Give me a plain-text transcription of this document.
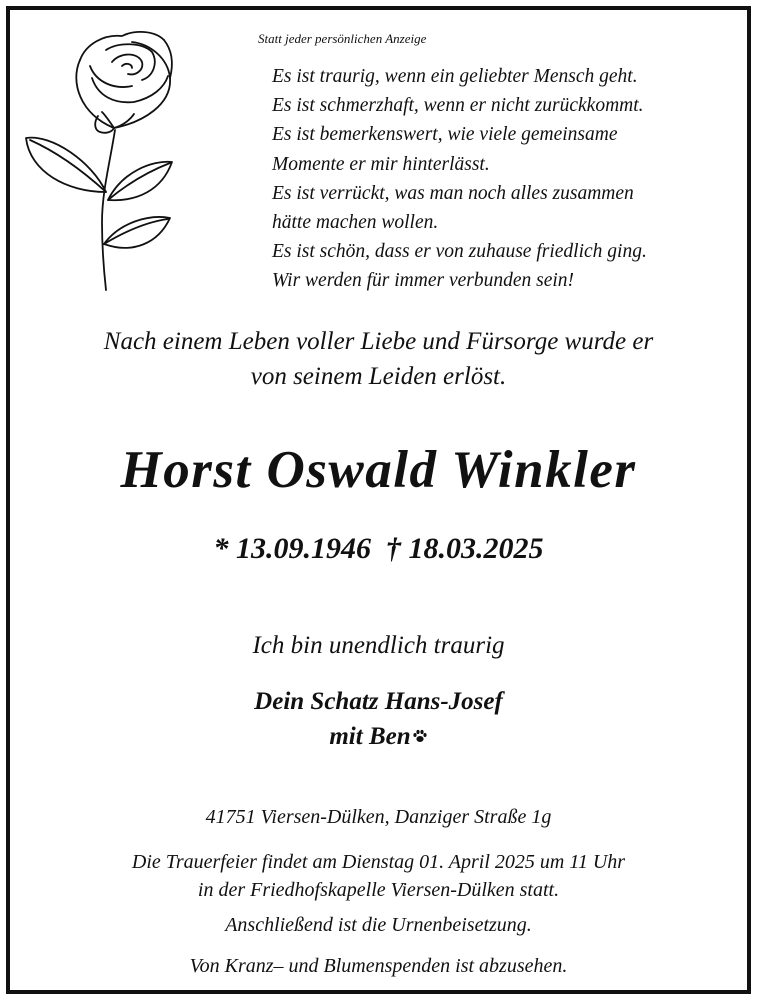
Statt jeder persönlichen Anzeige
Es ist traurig, wenn ein geliebter Mensch geht.
Es ist schmerzhaft, wenn er nicht zurückkommt.
Es ist bemerkenswert, wie viele gemeinsame
Momente er mir hinterlässt.
Es ist verrückt, was man noch alles zusammen
hätte machen wollen.
Es ist schön, dass er von zuhause friedlich ging.
Wir werden für immer verbunden sein!
Nach einem Leben voller Liebe und Fürsorge wurde er
von seinem Leiden erlöst.
Horst Oswald Winkler
* 13.09.1946  † 18.03.2025
Ich bin unendlich traurig
Dein Schatz Hans-Josef
mit Ben
41751 Viersen-Dülken, Danziger Straße 1g
Die Trauerfeier findet am Dienstag 01. April 2025 um 11 Uhr
in der Friedhofskapelle Viersen-Dülken statt.
Anschließend ist die Urnenbeisetzung.
Von Kranz– und Blumenspenden ist abzusehen.
